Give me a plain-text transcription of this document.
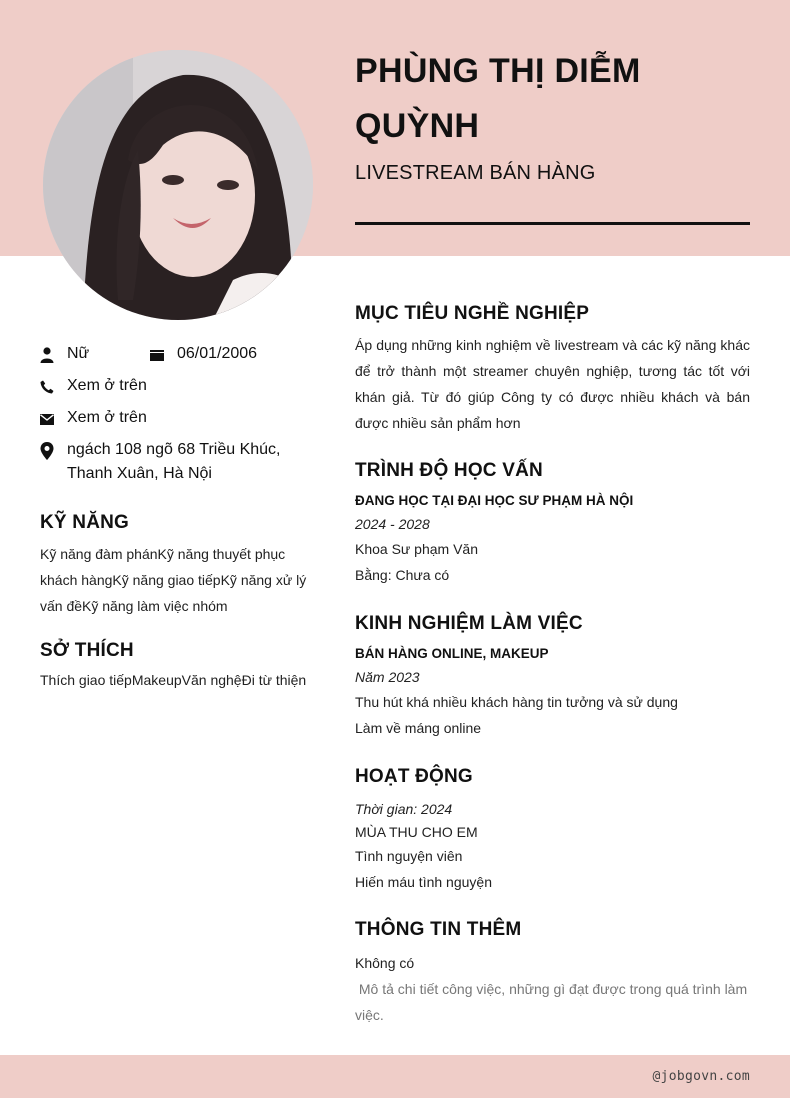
PHÙNG THỊ DIỄM QUỲNH
LIVESTREAM BÁN HÀNG
Nữ	06/01/2006
Xem ở trên
Xem ở trên
ngách 108 ngõ 68 Triều Khúc, Thanh Xuân, Hà Nội
KỸ NĂNG
Kỹ năng đàm phánKỹ năng thuyết phục khách hàngKỹ năng giao tiếpKỹ năng xử lý vấn đềKỹ năng làm việc nhóm
SỞ THÍCH
Thích giao tiếpMakeupVăn nghệĐi từ thiện
MỤC TIÊU NGHỀ NGHIỆP
Áp dụng những kinh nghiệm về livestream và các kỹ năng khác để trở thành một streamer chuyên nghiệp, tương tác tốt với khán giả. Từ đó giúp Công ty có được nhiều khách và bán được nhiều sản phẩm hơn
TRÌNH ĐỘ HỌC VẤN
ĐANG HỌC TẠI ĐẠI HỌC SƯ PHẠM HÀ NỘI
2024 - 2028
Khoa Sư phạm Văn
Bằng: Chưa có
KINH NGHIỆM LÀM VIỆC
BÁN HÀNG ONLINE, MAKEUP
Năm 2023
Thu hút khá nhiều khách hàng tin tưởng và sử dụng
Làm về máng online
HOẠT ĐỘNG
Thời gian: 2024
MÙA THU CHO EM
Tình nguyện viên
Hiến máu tình nguyện
THÔNG TIN THÊM
Không có
Mô tả chi tiết công việc, những gì đạt được trong quá trình làm việc.
@jobgovn.com
